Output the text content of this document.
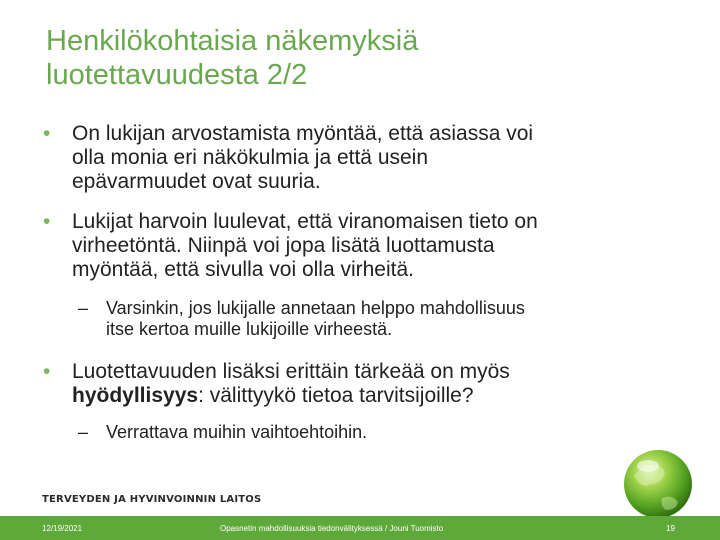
Henkilökohtaisia näkemyksiä
luotettavuudesta 2/2
• On lukijan arvostamista myöntää, että asiassa voi
olla monia eri näkökulmia ja että usein
epävarmuudet ovat suuria.
• Lukijat harvoin luulevat, että viranomaisen tieto on
virheetöntä. Niinpä voi jopa lisätä luottamusta
myöntää, että sivulla voi olla virheitä.
– Varsinkin, jos lukijalle annetaan helppo mahdollisuus
itse kertoa muille lukijoille virheestä.
• Luotettavuuden lisäksi erittäin tärkeää on myös
hyödyllisyys: välittyykö tietoa tarvitsijoille?
– Verrattava muihin vaihtoehtoihin.
TERVEYDEN JA HYVINVOINNIN LAITOS
12/19/2021	Opasnetin mahdollisuuksia tiedonvälityksessä / Jouni Tuomisto	19
